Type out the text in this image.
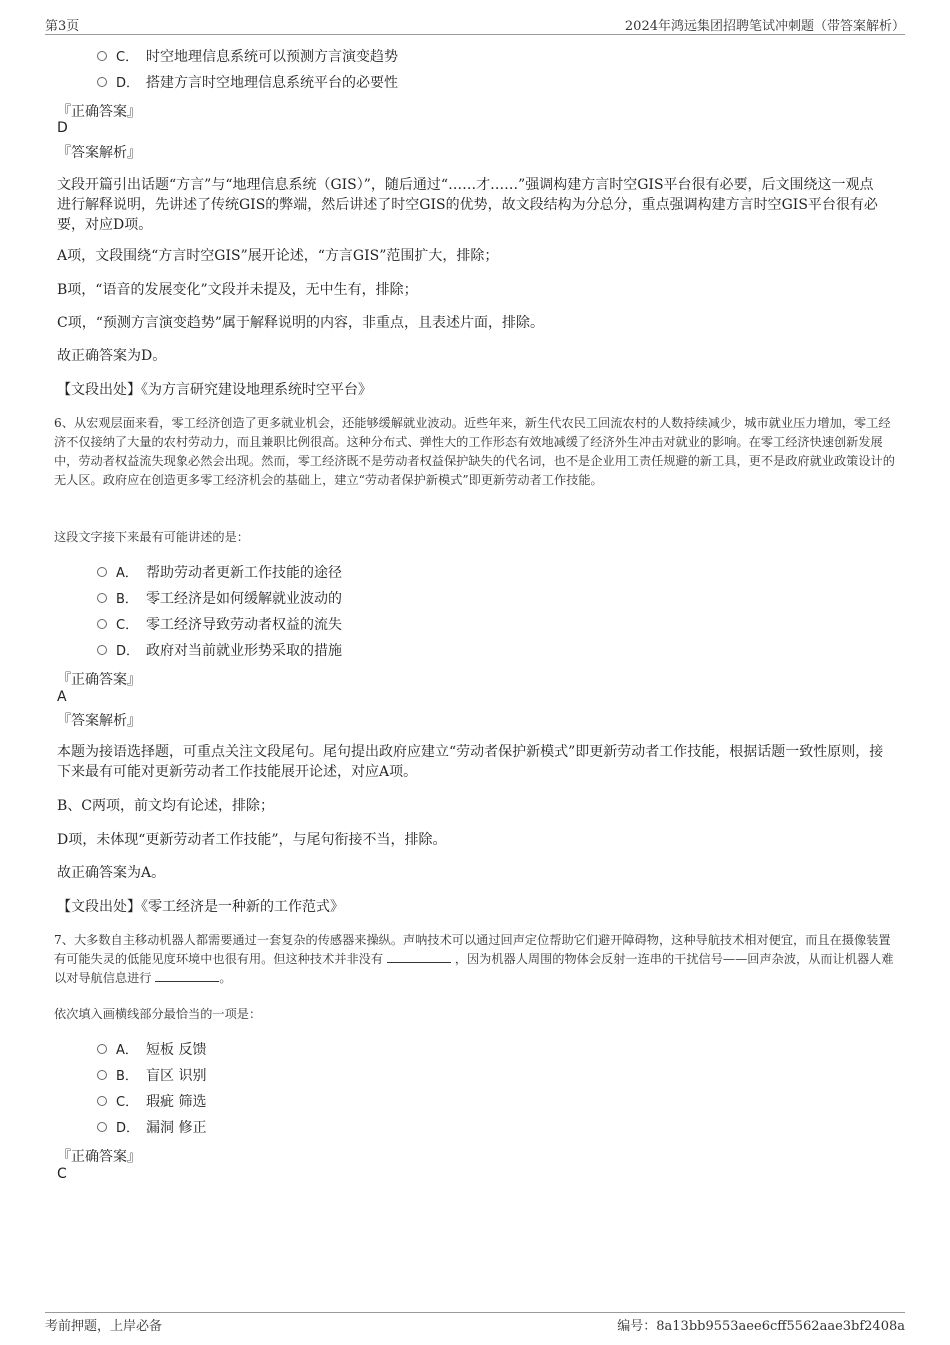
第3页	2024年鸿远集团招聘笔试冲刺题（带答案解析）
C． 时空地理信息系统可以预测方言演变趋势
D． 搭建方言时空地理信息系统平台的必要性
『正确答案』
D
『答案解析』
文段开篇引出话题“方言”与“地理信息系统（GIS）”，随后通过“……才……”强调构建方言时空GIS平台很有必要，后文围绕这一观点进行解释说明，先讲述了传统GIS的弊端，然后讲述了时空GIS的优势，故文段结构为分总分，重点强调构建方言时空GIS平台很有必要，对应D项。
A项，文段围绕“方言时空GIS”展开论述，“方言GIS”范围扩大，排除；
B项，“语音的发展变化”文段并未提及，无中生有，排除；
C项，“预测方言演变趋势”属于解释说明的内容，非重点，且表述片面，排除。
故正确答案为D。
【文段出处】《为方言研究建设地理系统时空平台》
6、从宏观层面来看，零工经济创造了更多就业机会，还能够缓解就业波动。近些年来，新生代农民工回流农村的人数持续减少，城市就业压力增加，零工经济不仅接纳了大量的农村劳动力，而且兼职比例很高。这种分布式、弹性大的工作形态有效地减缓了经济外生冲击对就业的影响。在零工经济快速创新发展中，劳动者权益流失现象必然会出现。然而，零工经济既不是劳动者权益保护缺失的代名词，也不是企业用工责任规避的新工具，更不是政府就业政策设计的无人区。政府应在创造更多零工经济机会的基础上，建立“劳动者保护新模式”即更新劳动者工作技能。
这段文字接下来最有可能讲述的是：
A． 帮助劳动者更新工作技能的途径
B． 零工经济是如何缓解就业波动的
C． 零工经济导致劳动者权益的流失
D． 政府对当前就业形势采取的措施
『正确答案』
A
『答案解析』
本题为接语选择题，可重点关注文段尾句。尾句提出政府应建立“劳动者保护新模式”即更新劳动者工作技能，根据话题一致性原则，接下来最有可能对更新劳动者工作技能展开论述，对应A项。
B、C两项，前文均有论述，排除；
D项，未体现“更新劳动者工作技能”，与尾句衔接不当，排除。
故正确答案为A。
【文段出处】《零工经济是一种新的工作范式》
7、大多数自主移动机器人都需要通过一套复杂的传感器来操纵。声呐技术可以通过回声定位帮助它们避开障碍物，这种导航技术相对便宜，而且在摄像装置有可能失灵的低能见度环境中也很有用。但这种技术并非没有	，因为机器人周围的物体会反射一连串的干扰信号——回声杂波，从而让机器人难以对导航信息进行	。
依次填入画横线部分最恰当的一项是：
A． 短板 反馈
B． 盲区 识别
C． 瑕疵 筛选
D． 漏洞 修正
『正确答案』
C
考前押题，上岸必备	编号：8a13bb9553aee6cff5562aae3bf2408a
